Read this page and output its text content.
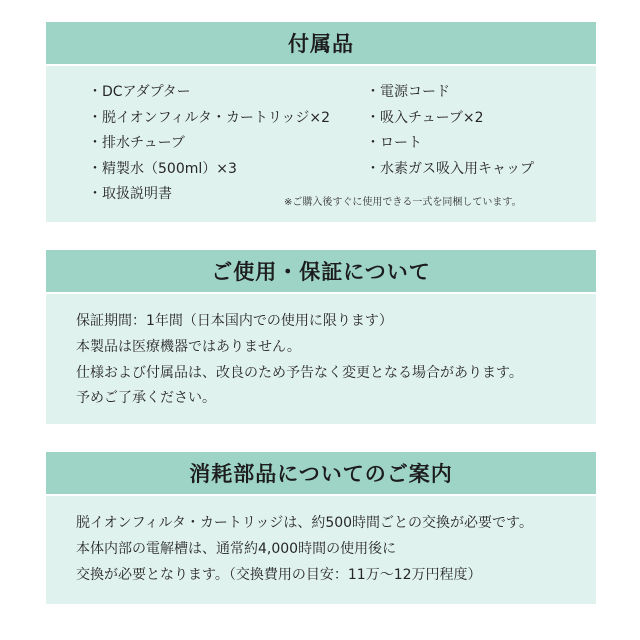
付属品
・DCアダプター
・脱イオンフィルタ・カートリッジ×2
・排水チューブ
・精製水（500ml）×3
・取扱説明書
・電源コード
・吸入チューブ×2
・ロート
・水素ガス吸入用キャップ
※ご購入後すぐに使用できる一式を同梱しています。
ご使用・保証について
保証期間：1年間（日本国内での使用に限ります）
本製品は医療機器ではありません。
仕様および付属品は、改良のため予告なく変更となる場合があります。
予めご了承ください。
消耗部品についてのご案内
脱イオンフィルタ・カートリッジは、約500時間ごとの交換が必要です。
本体内部の電解槽は、通常約4,000時間の使用後に
交換が必要となります。（交換費用の目安：11万〜12万円程度）
